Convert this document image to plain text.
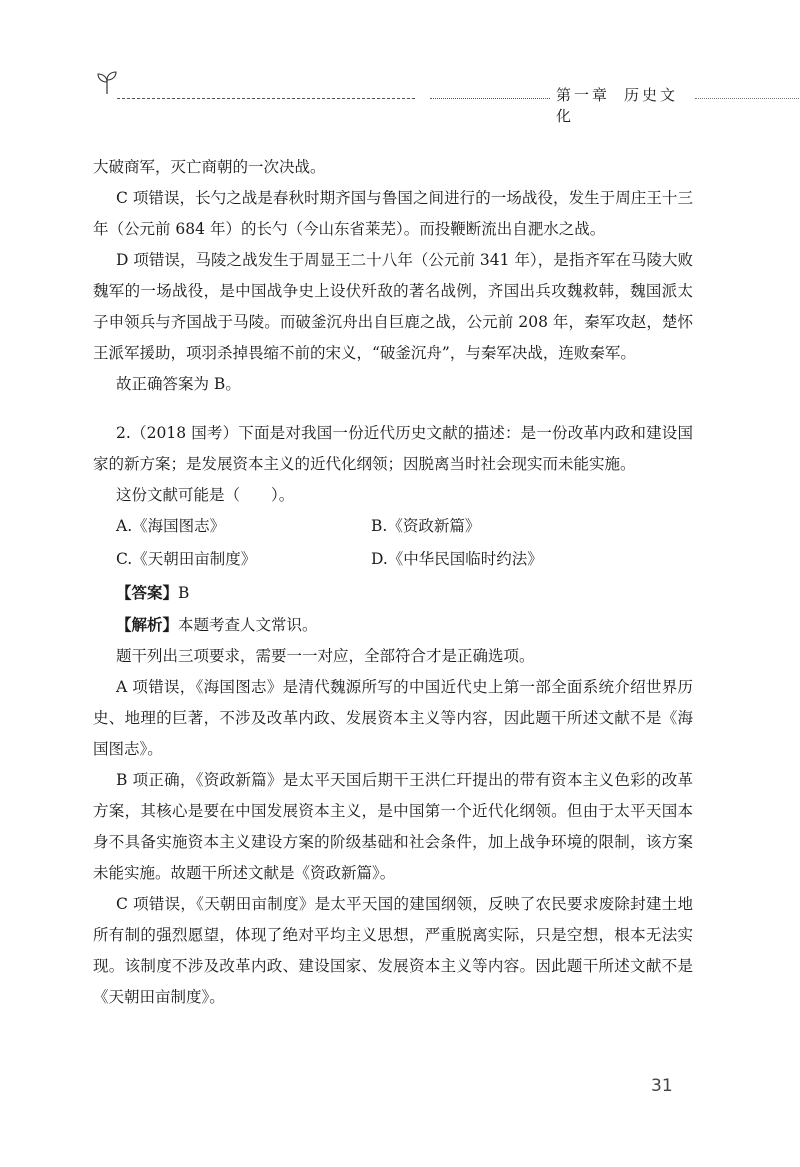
第一章 历史文化

大破商军，灭亡商朝的一次决战。

C 项错误，长勺之战是春秋时期齐国与鲁国之间进行的一场战役，发生于周庄王十三年（公元前 684 年）的长勺（今山东省莱芜）。而投鞭断流出自淝水之战。

D 项错误，马陵之战发生于周显王二十八年（公元前 341 年），是指齐军在马陵大败魏军的一场战役，是中国战争史上设伏歼敌的著名战例，齐国出兵攻魏救韩，魏国派太子申领兵与齐国战于马陵。而破釜沉舟出自巨鹿之战，公元前 208 年，秦军攻赵，楚怀王派军援助，项羽杀掉畏缩不前的宋义，“破釜沉舟”，与秦军决战，连败秦军。

故正确答案为 B。

2.（2018 国考）下面是对我国一份近代历史文献的描述：是一份改革内政和建设国家的新方案；是发展资本主义的近代化纲领；因脱离当时社会现实而未能实施。

这份文献可能是（　　）。

A.《海国图志》	B.《资政新篇》
C.《天朝田亩制度》	D.《中华民国临时约法》

【答案】B

【解析】本题考查人文常识。

题干列出三项要求，需要一一对应，全部符合才是正确选项。

A 项错误，《海国图志》是清代魏源所写的中国近代史上第一部全面系统介绍世界历史、地理的巨著，不涉及改革内政、发展资本主义等内容，因此题干所述文献不是《海国图志》。

B 项正确，《资政新篇》是太平天国后期干王洪仁玕提出的带有资本主义色彩的改革方案，其核心是要在中国发展资本主义，是中国第一个近代化纲领。但由于太平天国本身不具备实施资本主义建设方案的阶级基础和社会条件，加上战争环境的限制，该方案未能实施。故题干所述文献是《资政新篇》。

C 项错误，《天朝田亩制度》是太平天国的建国纲领，反映了农民要求废除封建土地所有制的强烈愿望，体现了绝对平均主义思想，严重脱离实际，只是空想，根本无法实现。该制度不涉及改革内政、建设国家、发展资本主义等内容。因此题干所述文献不是《天朝田亩制度》。

31
